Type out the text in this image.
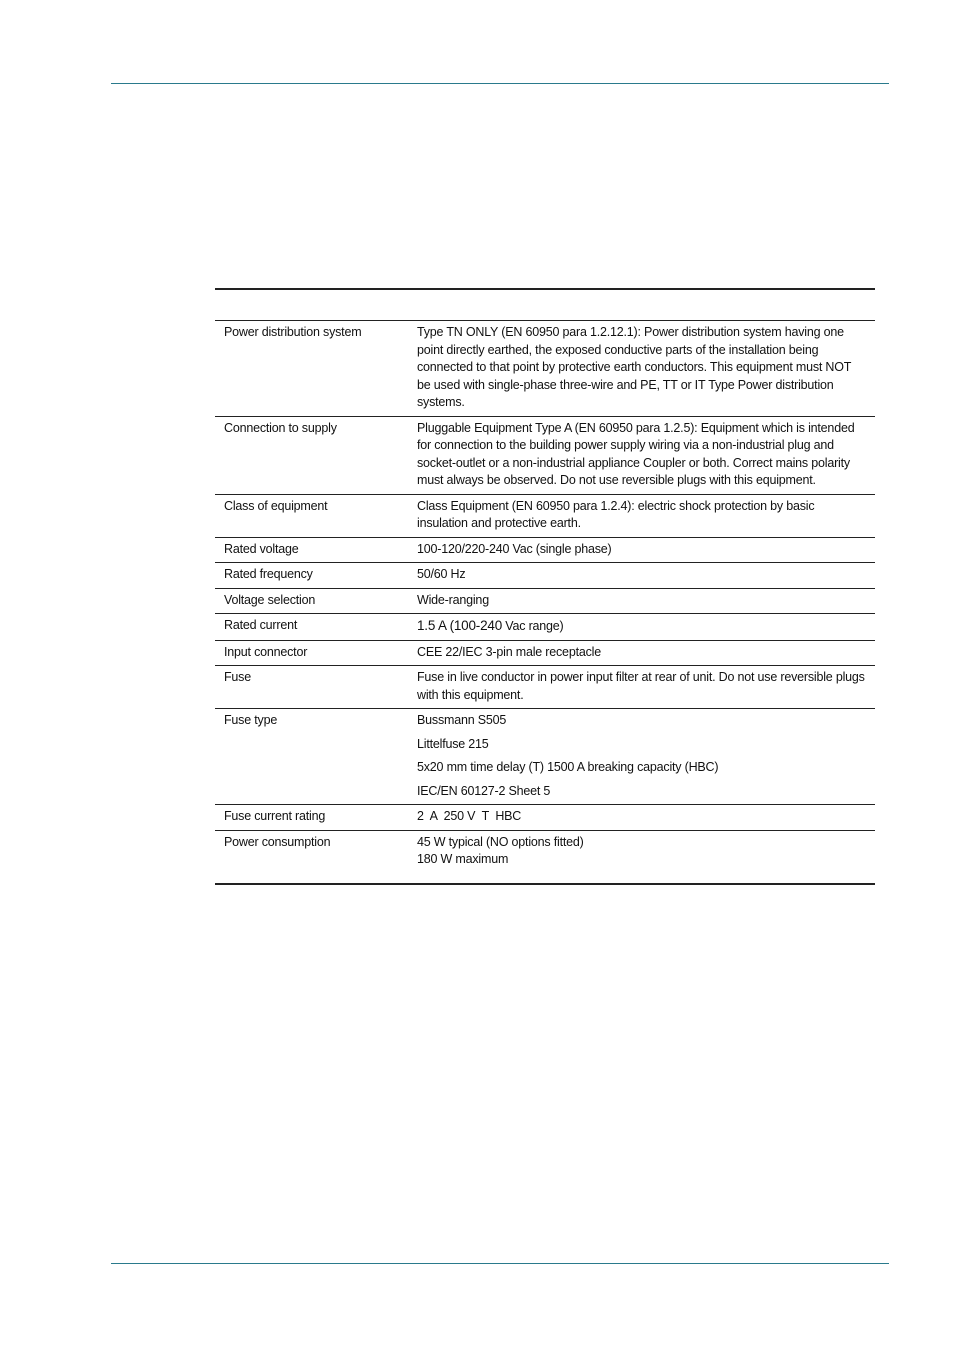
Power distribution system	Type TN ONLY (EN 60950 para 1.2.12.1): Power distribution system having one point directly earthed, the exposed conductive parts of the installation being connected to that point by protective earth conductors. This equipment must NOT be used with single-phase three-wire and PE, TT or IT Type Power distribution systems.
Connection to supply	Pluggable Equipment Type A (EN 60950 para 1.2.5): Equipment which is intended for connection to the building power supply wiring via a non-industrial plug and socket-outlet or a non-industrial appliance Coupler or both. Correct mains polarity must always be observed. Do not use reversible plugs with this equipment.
Class of equipment	Class Equipment (EN 60950 para 1.2.4): electric shock protection by basic insulation and protective earth.
Rated voltage	100-120/220-240 Vac (single phase)
Rated frequency	50/60 Hz
Voltage selection	Wide-ranging
Rated current	1.5 A (100-240 Vac range)
Input connector	CEE 22/IEC 3-pin male receptacle
Fuse	Fuse in live conductor in power input filter at rear of unit. Do not use reversible plugs with this equipment.
Fuse type	Bussmann S505
Littelfuse 215
5x20 mm time delay (T) 1500 A breaking capacity (HBC)
IEC/EN 60127-2 Sheet 5

Fuse current rating	2  A  250 V  T  HBC
Power consumption	45 W typical (NO options fitted)
180 W maximum
